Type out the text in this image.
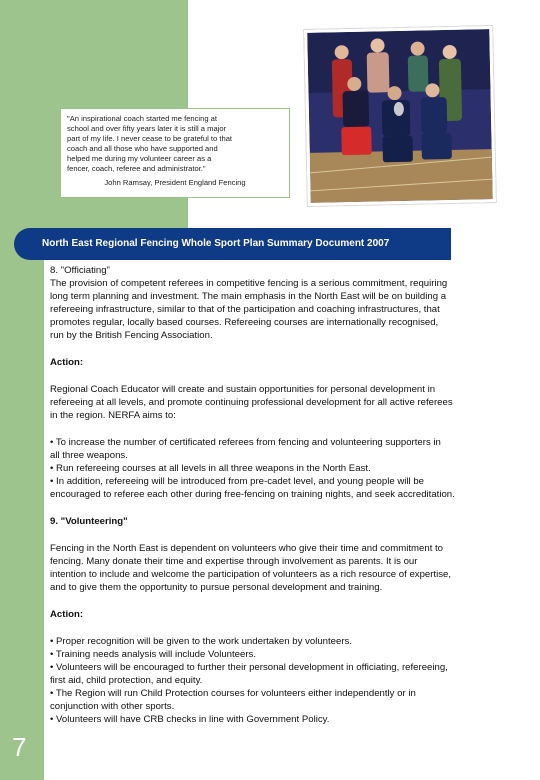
"An inspirational coach started me fencing at
school and over fifty years later it is still a major
part of my life. I never cease to be grateful to that
coach and all those who have supported and
helped me during my volunteer career as a
fencer, coach, referee and administrator."
John Ramsay, President England Fencing
North East Regional Fencing Whole Sport Plan Summary Document 2007

8. "Officiating"

The provision of competent referees in competitive fencing is a serious commitment, requiring

long term planning and investment. The main emphasis in the North East will be on building a

refereeing infrastructure, similar to that of the participation and coaching infrastructures, that

promotes regular, locally based courses. Refereeing courses are internationally recognised,

run by the British Fencing Association.

Action:

Regional Coach Educator will create and sustain opportunities for personal development in

refereeing at all levels, and promote continuing professional development for all active referees

in the region. NERFA aims to:

• To increase the number of certificated referees from fencing and volunteering supporters in

all three weapons.

• Run refereeing courses at all levels in all three weapons in the North East.

• In addition, refereeing will be introduced from pre-cadet level, and young people will be

encouraged to referee each other during free-fencing on training nights, and seek accreditation.

9. "Volunteering"

Fencing in the North East is dependent on volunteers who give their time and commitment to

fencing. Many donate their time and expertise through involvement as parents. It is our

intention to include and welcome the participation of volunteers as a rich resource of expertise,

and to give them the opportunity to pursue personal development and training.

Action:

• Proper recognition will be given to the work undertaken by volunteers.

• Training needs analysis will include Volunteers.

• Volunteers will be encouraged to further their personal development in officiating, refereeing,

first aid, child protection, and equity.

• The Region will run Child Protection courses for volunteers either independently or in

conjunction with other sports.

• Volunteers will have CRB checks in line with Government Policy.

7
